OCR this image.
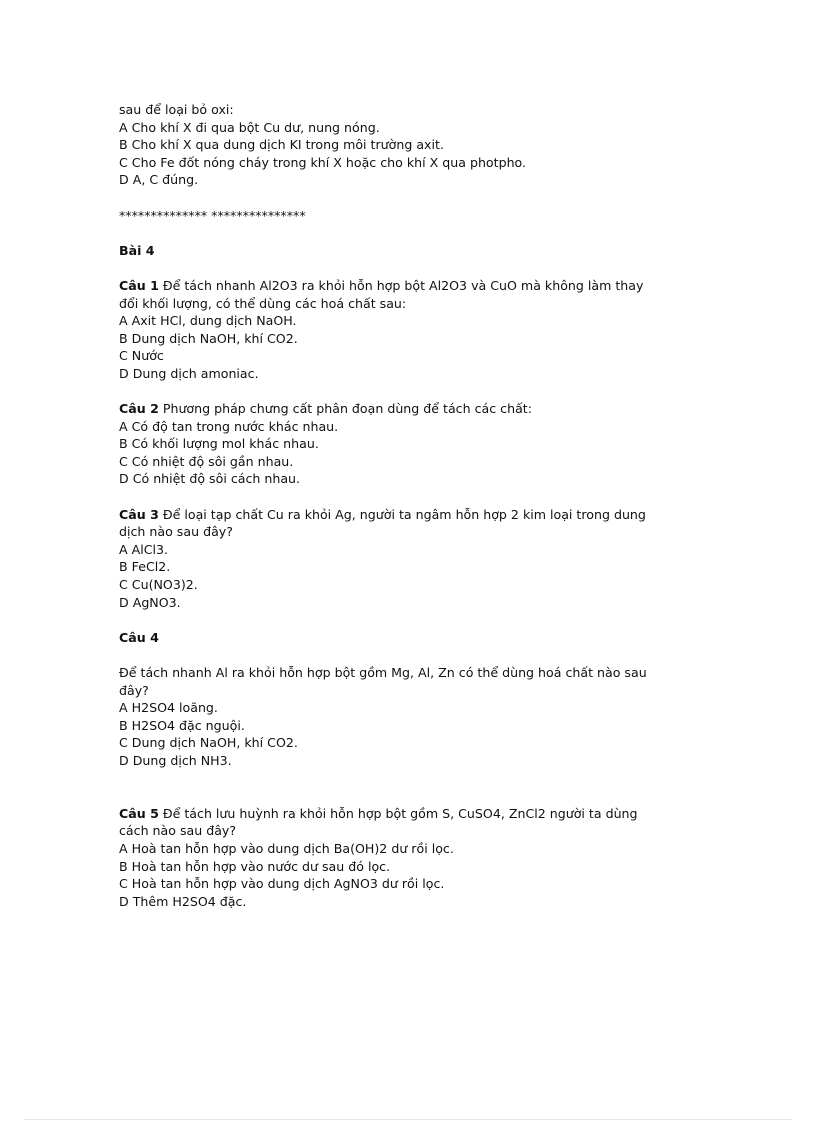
sau để loại bỏ oxi:
A Cho khí X đi qua bột Cu dư, nung nóng.
B Cho khí X qua dung dịch KI trong môi trường axit.
C Cho Fe đốt nóng cháy trong khí X hoặc cho khí X qua photpho.
D A, C đúng.
************** ***************
Bài 4
Câu 1 Để tách nhanh Al2O3 ra khỏi hỗn hợp bột Al2O3 và CuO mà không làm thay
đổi khối lượng, có thể dùng các hoá chất sau:
A Axit HCl, dung dịch NaOH.
B Dung dịch NaOH, khí CO2.
C Nước
D Dung dịch amoniac.
Câu 2 Phương pháp chưng cất phân đoạn dùng để tách các chất:
A Có độ tan trong nước khác nhau.
B Có khối lượng mol khác nhau.
C Có nhiệt độ sôi gần nhau.
D Có nhiệt độ sôi cách nhau.
Câu 3 Để loại tạp chất Cu ra khỏi Ag, người ta ngâm hỗn hợp 2 kim loại trong dung
dịch nào sau đây?
A AlCl3.
B FeCl2.
C Cu(NO3)2.
D AgNO3.
Câu 4
Để tách nhanh Al ra khỏi hỗn hợp bột gồm Mg, Al, Zn có thể dùng hoá chất nào sau
đây?
A H2SO4 loãng.
B H2SO4 đặc nguội.
C Dung dịch NaOH, khí CO2.
D Dung dịch NH3.
Câu 5 Để tách lưu huỳnh ra khỏi hỗn hợp bột gồm S, CuSO4, ZnCl2 người ta dùng
cách nào sau đây?
A Hoà tan hỗn hợp vào dung dịch Ba(OH)2 dư rồi lọc.
B Hoà tan hỗn hợp vào nước dư sau đó lọc.
C Hoà tan hỗn hợp vào dung dịch AgNO3 dư rồi lọc.
D Thêm H2SO4 đặc.
